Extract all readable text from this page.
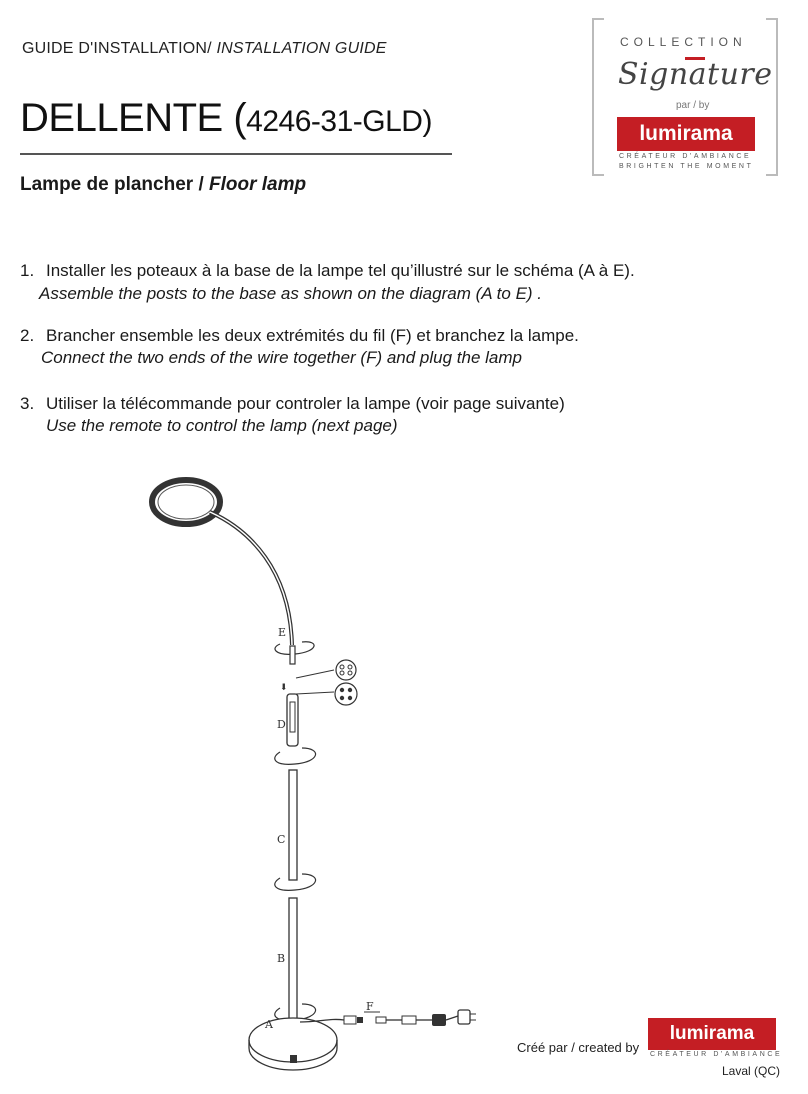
GUIDE D'INSTALLATION/ INSTALLATION GUIDE
DELLENTE (4246-31-GLD)
Lampe de plancher / Floor lamp
1. Installer les poteaux à la base de la lampe tel qu’illustré sur le schéma (A à E).
Assemble the posts to the base as shown on the diagram (A to E) .
2. Brancher ensemble les deux extrémités du fil (F) et branchez la lampe.
Connect the two ends of the wire together (F) and plug the lamp
3. Utiliser la télécommande pour controler la lampe (voir page suivante)
Use the remote to control the lamp (next page)
COLLECTION
Signature
par / by
lumirama
CRÉATEUR D'AMBIANCE
BRIGHTEN THE MOMENT
E
⬇
D
C
B
A
F
Créé par / created by
lumirama
CRÉATEUR D'AMBIANCE
Laval (QC)
